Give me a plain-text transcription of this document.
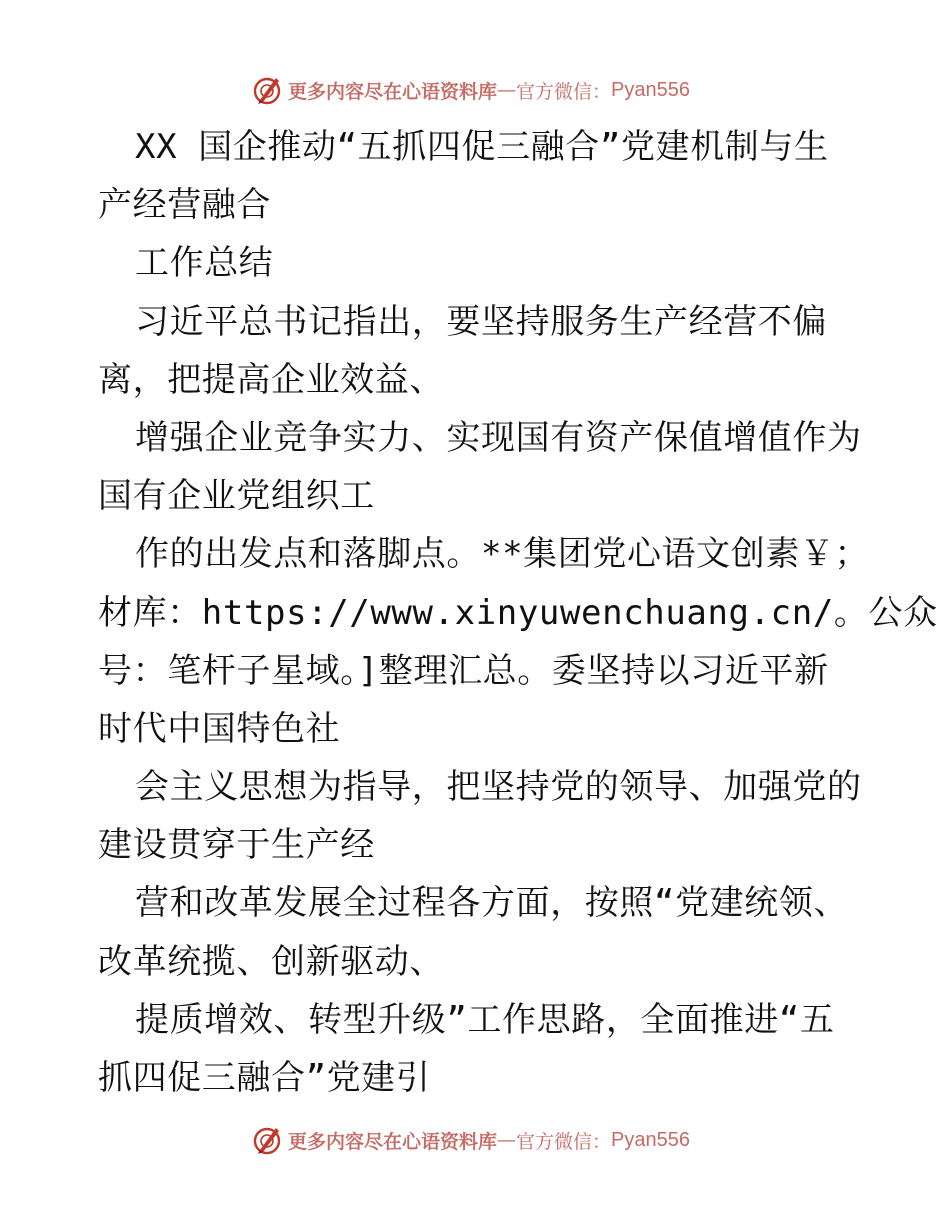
更多内容尽在心语资料库 — 官方微信： Pyan556
XX 国企推动“五抓四促三融合”党建机制与生
产经营融合
工作总结
习近平总书记指出，要坚持服务生产经营不偏
离，把提高企业效益、
增强企业竞争实力、实现国有资产保值增值作为
国有企业党组织工
作的出发点和落脚点。**集团党心语文创素￥；
材库：https://www.xinyuwenchuang.cn/。公众
号：笔杆子星域。]整理汇总。委坚持以习近平新
时代中国特色社
会主义思想为指导，把坚持党的领导、加强党的
建设贯穿于生产经
营和改革发展全过程各方面，按照“党建统领、
改革统揽、创新驱动、
提质增效、转型升级”工作思路，全面推进“五
抓四促三融合”党建引
更多内容尽在心语资料库 — 官方微信： Pyan556
